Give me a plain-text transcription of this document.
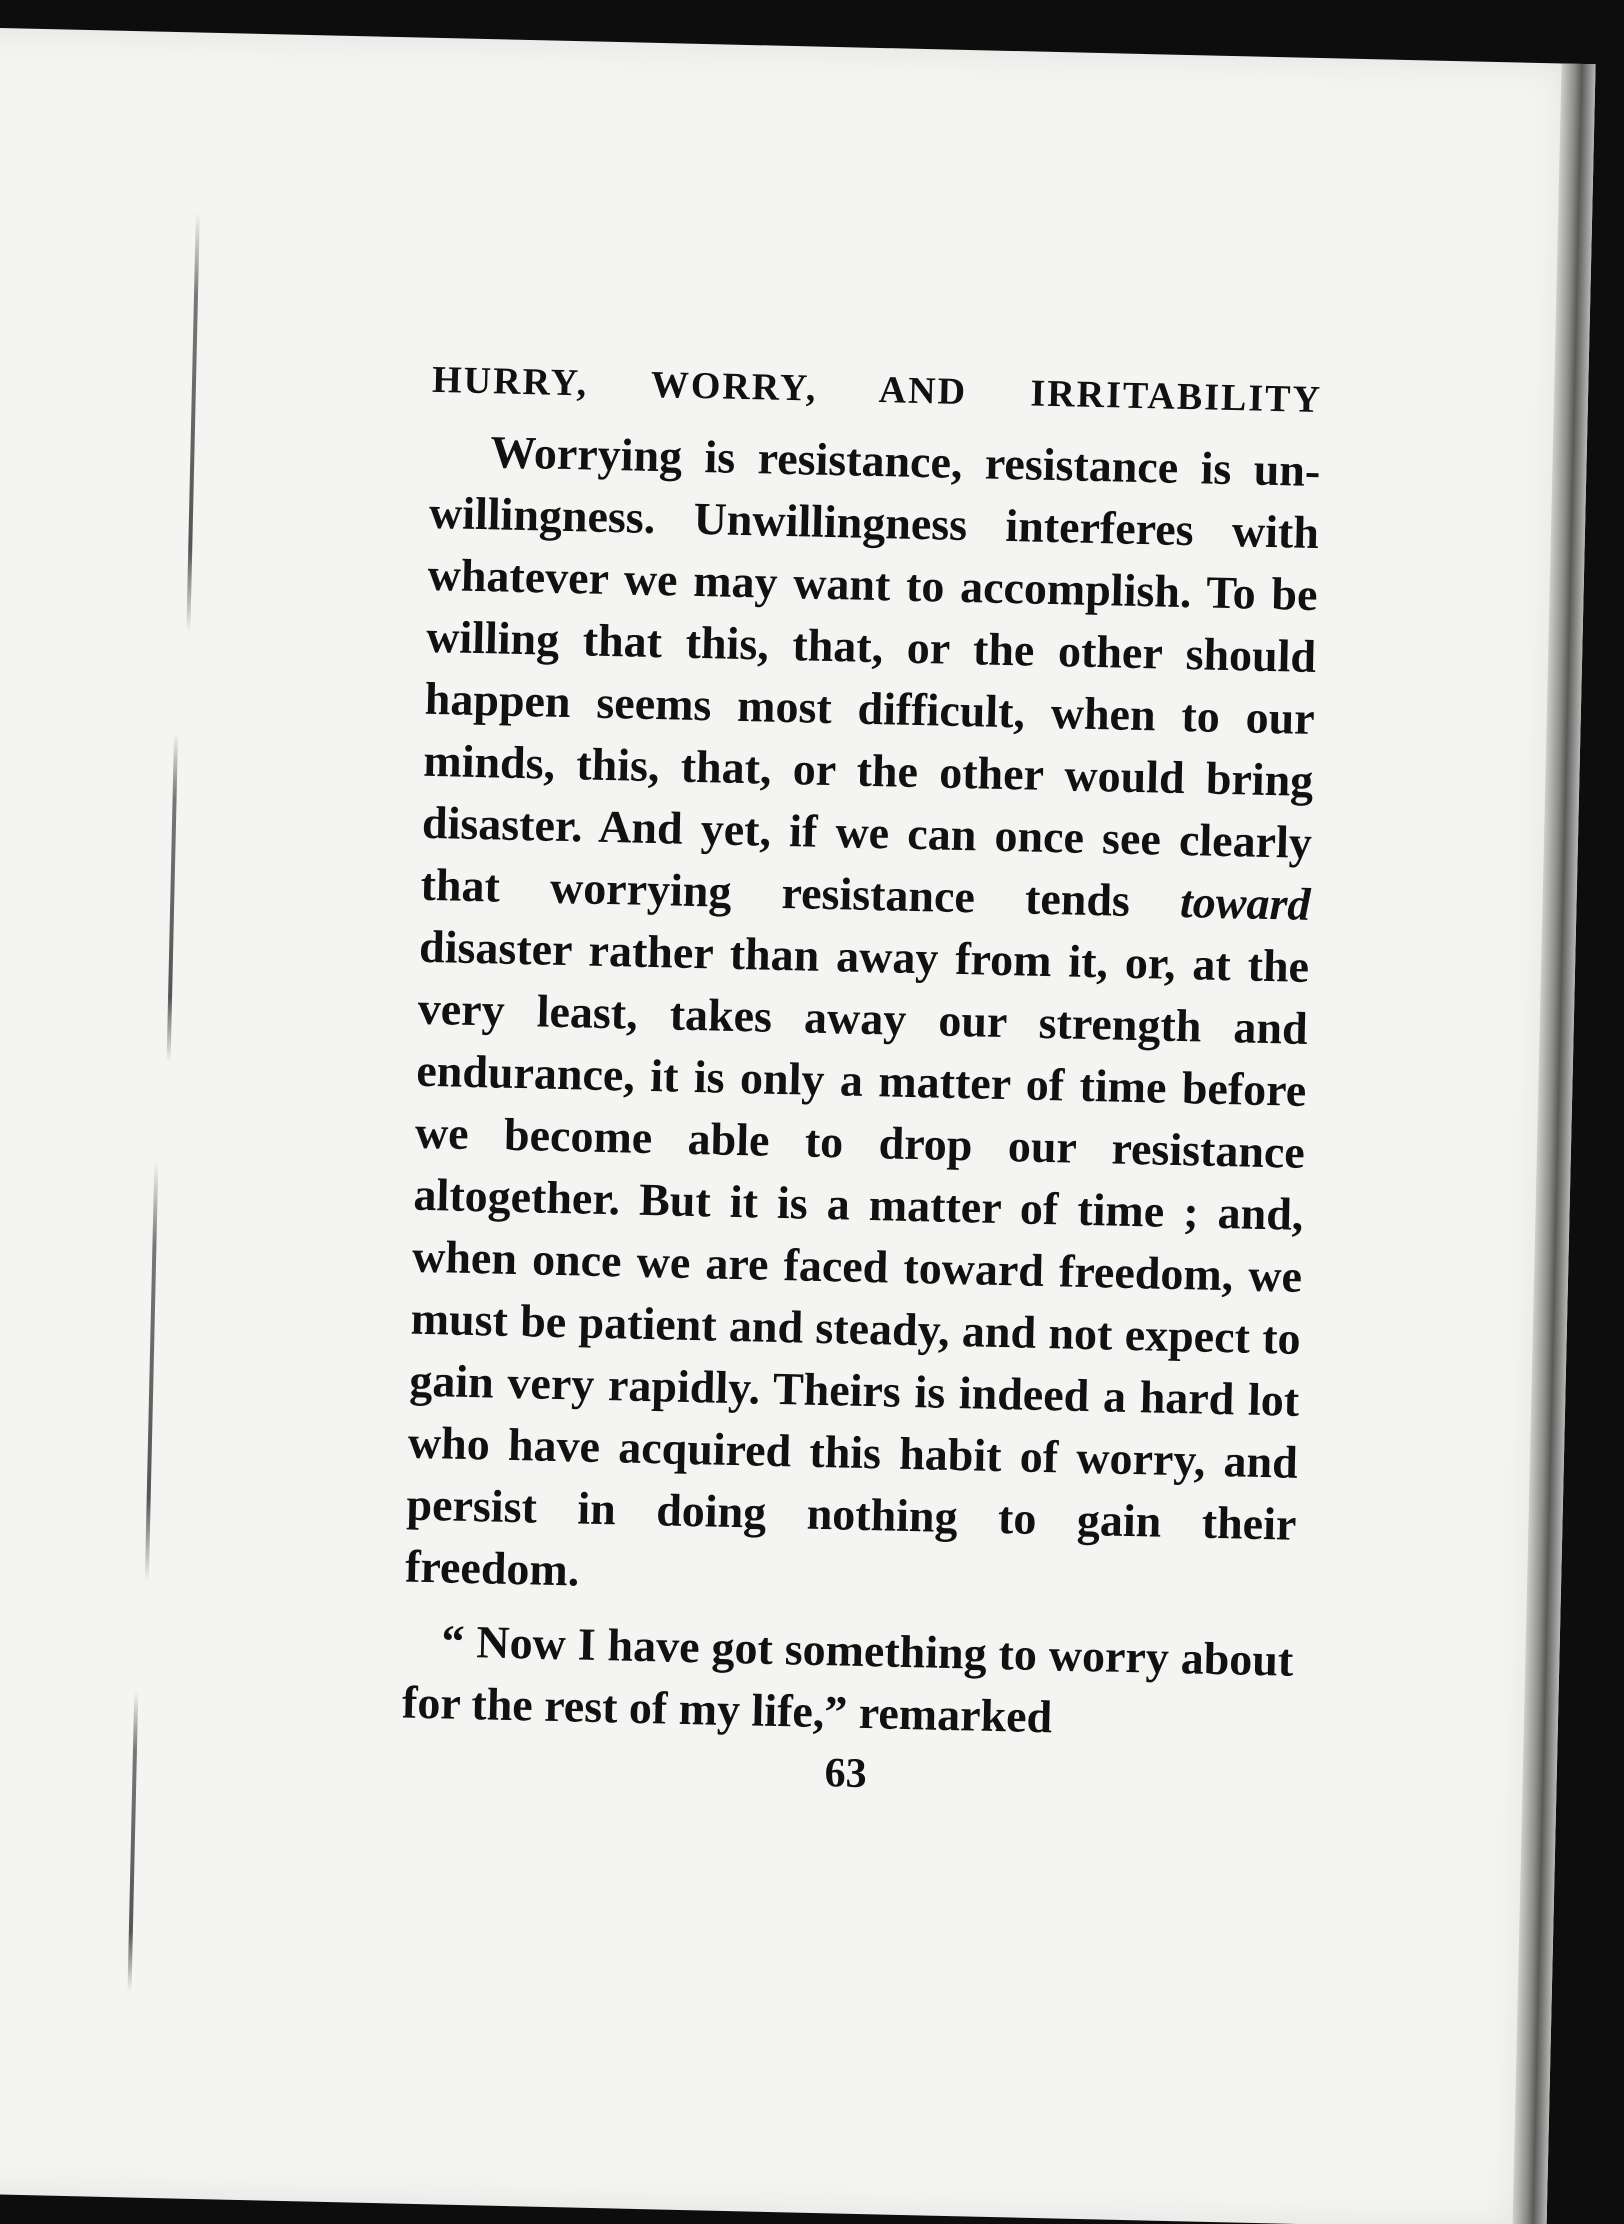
HURRY, WORRY, AND IRRITABILITY

Worrying is resistance, resistance is unwillingness. Unwillingness interferes with whatever we may want to accomplish. To be willing that this, that, or the other should happen seems most difficult, when to our minds, this, that, or the other would bring disaster. And yet, if we can once see clearly that worrying resistance tends toward disaster rather than away from it, or, at the very least, takes away our strength and endurance, it is only a matter of time before we become able to drop our resistance altogether. But it is a matter of time ; and, when once we are faced toward freedom, we must be patient and steady, and not expect to gain very rapidly. Theirs is indeed a hard lot who have acquired this habit of worry, and persist in doing nothing to gain their freedom.

“ Now I have got something to worry about for the rest of my life,” remarked

63
